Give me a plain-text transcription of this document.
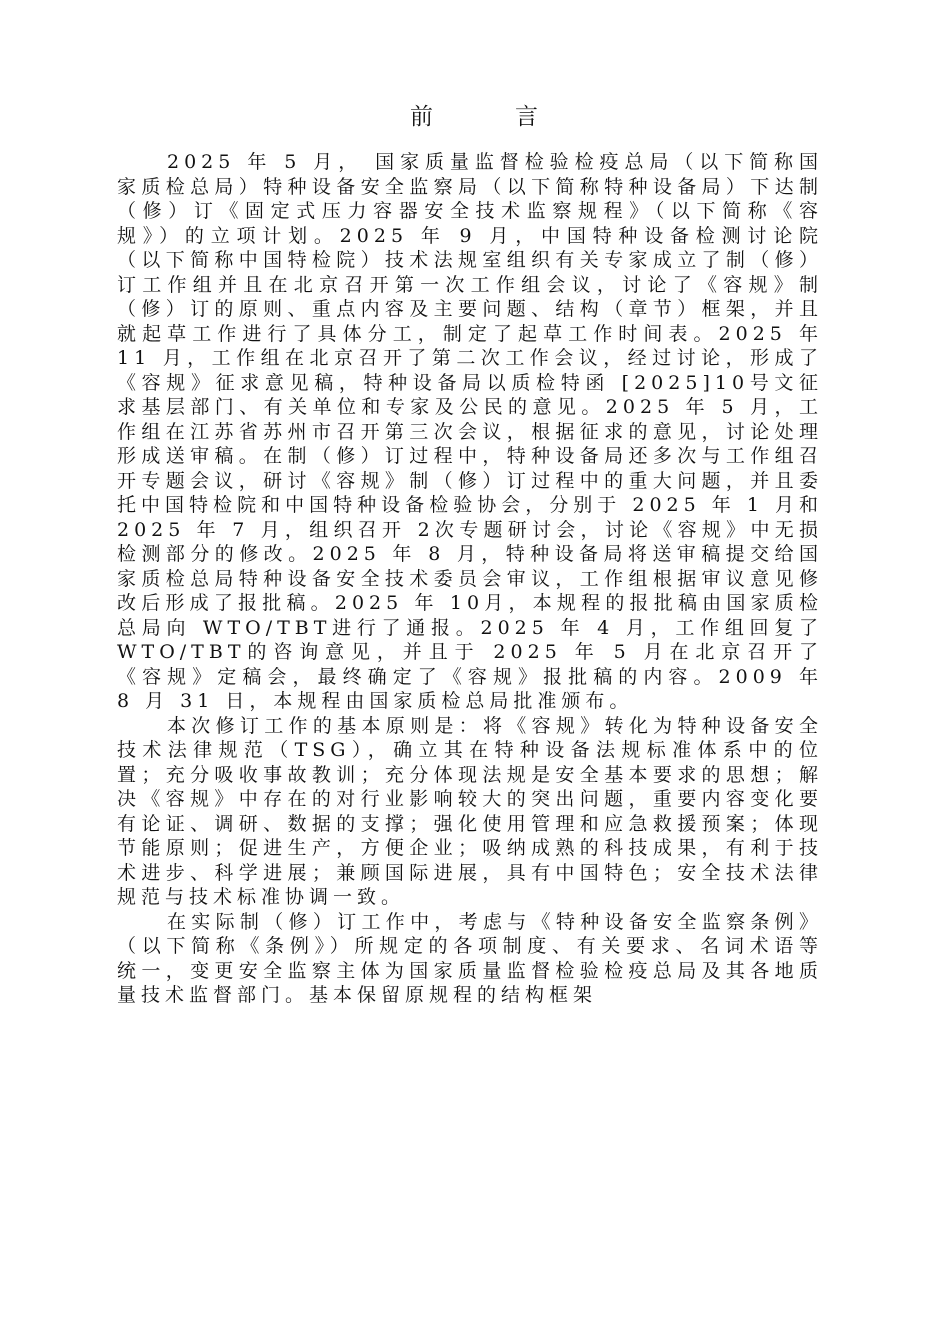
前	言

2025 年 5 月， 国家质量监督检验检疫总局（以下简称国家质检总局）特种设备安全监察局（以下简称特种设备局）下达制（修）订《固定式压力容器安全技术监察规程》（以下简称《容规》）的立项计划。2025 年 9 月，中国特种设备检测讨论院（以下简称中国特检院）技术法规室组织有关专家成立了制（修）订工作组并且在北京召开第一次工作组会议，讨论了《容规》制（修）订的原则、重点内容及主要问题、结构（章节）框架，并且就起草工作进行了具体分工，制定了起草工作时间表。2025 年 11 月，工作组在北京召开了第二次工作会议，经过讨论，形成了《容规》征求意见稿，特种设备局以质检特函 [2025]10号文征求基层部门、有关单位和专家及公民的意见。2025 年 5 月，工作组在江苏省苏州市召开第三次会议，根据征求的意见，讨论处理形成送审稿。在制（修）订过程中，特种设备局还多次与工作组召开专题会议，研讨《容规》制（修）订过程中的重大问题，并且委托中国特检院和中国特种设备检验协会，分别于 2025 年 1 月和 2025 年 7 月，组织召开 2次专题研讨会，讨论《容规》中无损检测部分的修改。2025 年 8 月，特种设备局将送审稿提交给国家质检总局特种设备安全技术委员会审议，工作组根据审议意见修改后形成了报批稿。2025 年 10月，本规程的报批稿由国家质检总局向 WTO/TBT进行了通报。2025 年 4 月，工作组回复了 WTO/TBT的咨询意见，并且于 2025 年 5 月在北京召开了《容规》定稿会，最终确定了《容规》报批稿的内容。2009 年 8 月 31 日，本规程由国家质检总局批准颁布。

本次修订工作的基本原则是：将《容规》转化为特种设备安全技术法律规范（TSG），确立其在特种设备法规标准体系中的位置；充分吸收事故教训；充分体现法规是安全基本要求的思想；解决《容规》中存在的对行业影响较大的突出问题，重要内容变化要有论证、调研、数据的支撑；强化使用管理和应急救援预案；体现节能原则；促进生产，方便企业；吸纳成熟的科技成果，有利于技术进步、科学进展；兼顾国际进展，具有中国特色；安全技术法律规范与技术标准协调一致。

在实际制（修）订工作中，考虑与《特种设备安全监察条例》（以下简称《条例》）所规定的各项制度、有关要求、名词术语等统一，变更安全监察主体为国家质量监督检验检疫总局及其各地质量技术监督部门。基本保留原规程的结构框架
